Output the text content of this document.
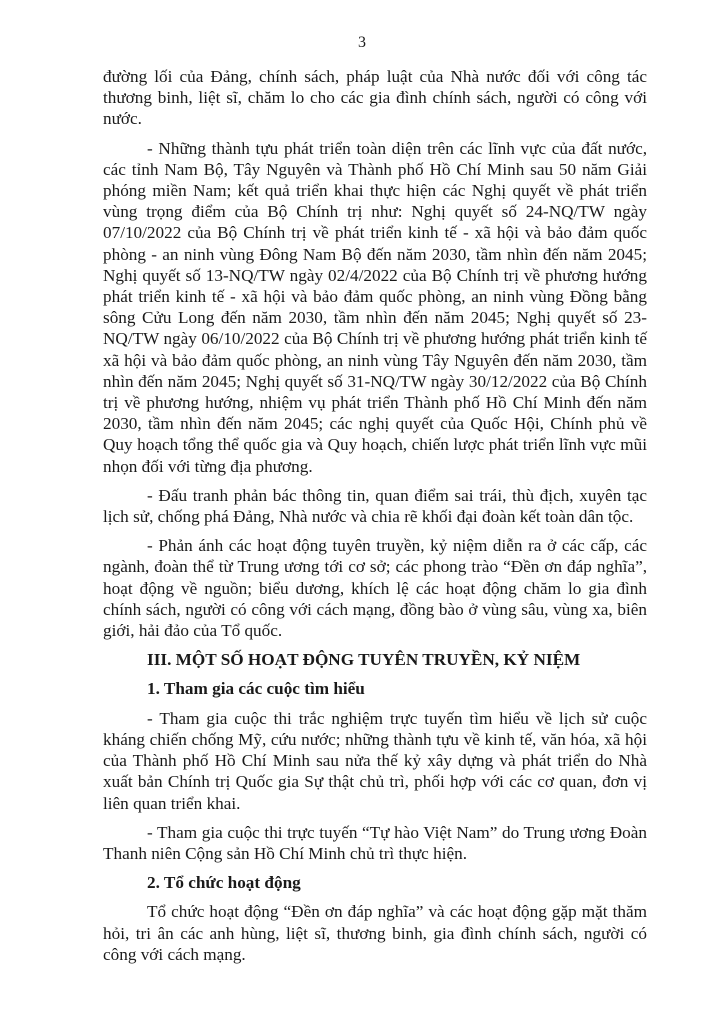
3

đường lối của Đảng, chính sách, pháp luật của Nhà nước đối với công tác thương binh, liệt sĩ, chăm lo cho các gia đình chính sách, người có công với nước.

- Những thành tựu phát triển toàn diện trên các lĩnh vực của đất nước, các tỉnh Nam Bộ, Tây Nguyên và Thành phố Hồ Chí Minh sau 50 năm Giải phóng miền Nam; kết quả triển khai thực hiện các Nghị quyết về phát triển vùng trọng điểm của Bộ Chính trị như: Nghị quyết số 24-NQ/TW ngày 07/10/2022 của Bộ Chính trị về phát triển kinh tế - xã hội và bảo đảm quốc phòng - an ninh vùng Đông Nam Bộ đến năm 2030, tầm nhìn đến năm 2045; Nghị quyết số 13-NQ/TW ngày 02/4/2022 của Bộ Chính trị về phương hướng phát triển kinh tế - xã hội và bảo đảm quốc phòng, an ninh vùng Đồng bằng sông Cửu Long đến năm 2030, tầm nhìn đến năm 2045; Nghị quyết số 23-NQ/TW ngày 06/10/2022 của Bộ Chính trị về phương hướng phát triển kinh tế xã hội và bảo đảm quốc phòng, an ninh vùng Tây Nguyên đến năm 2030, tầm nhìn đến năm 2045; Nghị quyết số 31-NQ/TW ngày 30/12/2022 của Bộ Chính trị về phương hướng, nhiệm vụ phát triển Thành phố Hồ Chí Minh đến năm 2030, tầm nhìn đến năm 2045; các nghị quyết của Quốc Hội, Chính phủ về Quy hoạch tổng thể quốc gia và Quy hoạch, chiến lược phát triển lĩnh vực mũi nhọn đối với từng địa phương.

- Đấu tranh phản bác thông tin, quan điểm sai trái, thù địch, xuyên tạc lịch sử, chống phá Đảng, Nhà nước và chia rẽ khối đại đoàn kết toàn dân tộc.

- Phản ánh các hoạt động tuyên truyền, kỷ niệm diễn ra ở các cấp, các ngành, đoàn thể từ Trung ương tới cơ sở; các phong trào “Đền ơn đáp nghĩa”, hoạt động về nguồn; biểu dương, khích lệ các hoạt động chăm lo gia đình chính sách, người có công với cách mạng, đồng bào ở vùng sâu, vùng xa, biên giới, hải đảo của Tổ quốc.

III. MỘT SỐ HOẠT ĐỘNG TUYÊN TRUYỀN, KỶ NIỆM
1. Tham gia các cuộc tìm hiểu

- Tham gia cuộc thi trắc nghiệm trực tuyến tìm hiểu về lịch sử cuộc kháng chiến chống Mỹ, cứu nước; những thành tựu về kinh tế, văn hóa, xã hội của Thành phố Hồ Chí Minh sau nửa thế kỷ xây dựng và phát triển do Nhà xuất bản Chính trị Quốc gia Sự thật chủ trì, phối hợp với các cơ quan, đơn vị liên quan triển khai.

- Tham gia cuộc thi trực tuyến “Tự hào Việt Nam” do Trung ương Đoàn Thanh niên Cộng sản Hồ Chí Minh chủ trì thực hiện.

2. Tổ chức hoạt động

Tổ chức hoạt động “Đền ơn đáp nghĩa” và các hoạt động gặp mặt thăm hỏi, tri ân các anh hùng, liệt sĩ, thương binh, gia đình chính sách, người có công với cách mạng.
